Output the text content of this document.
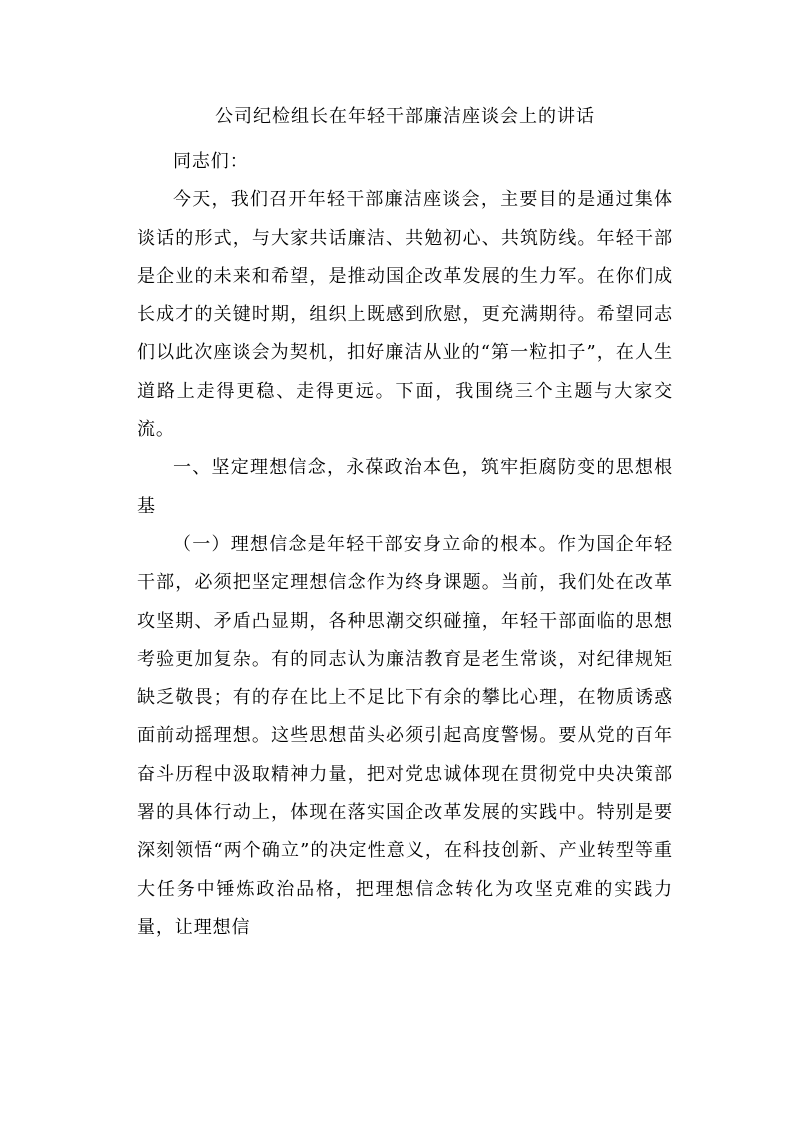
公司纪检组长在年轻干部廉洁座谈会上的讲话

同志们：

今天，我们召开年轻干部廉洁座谈会，主要目的是通过集体谈话的形式，与大家共话廉洁、共勉初心、共筑防线。年轻干部是企业的未来和希望，是推动国企改革发展的生力军。在你们成长成才的关键时期，组织上既感到欣慰，更充满期待。希望同志们以此次座谈会为契机，扣好廉洁从业的“第一粒扣子”，在人生道路上走得更稳、走得更远。下面，我围绕三个主题与大家交流。

一、坚定理想信念，永葆政治本色，筑牢拒腐防变的思想根基

（一）理想信念是年轻干部安身立命的根本。作为国企年轻干部，必须把坚定理想信念作为终身课题。当前，我们处在改革攻坚期、矛盾凸显期，各种思潮交织碰撞，年轻干部面临的思想考验更加复杂。有的同志认为廉洁教育是老生常谈，对纪律规矩缺乏敬畏；有的存在比上不足比下有余的攀比心理，在物质诱惑面前动摇理想。这些思想苗头必须引起高度警惕。要从党的百年奋斗历程中汲取精神力量，把对党忠诚体现在贯彻党中央决策部署的具体行动上，体现在落实国企改革发展的实践中。特别是要深刻领悟“两个确立”的决定性意义，在科技创新、产业转型等重大任务中锤炼政治品格，把理想信念转化为攻坚克难的实践力量，让理想信
